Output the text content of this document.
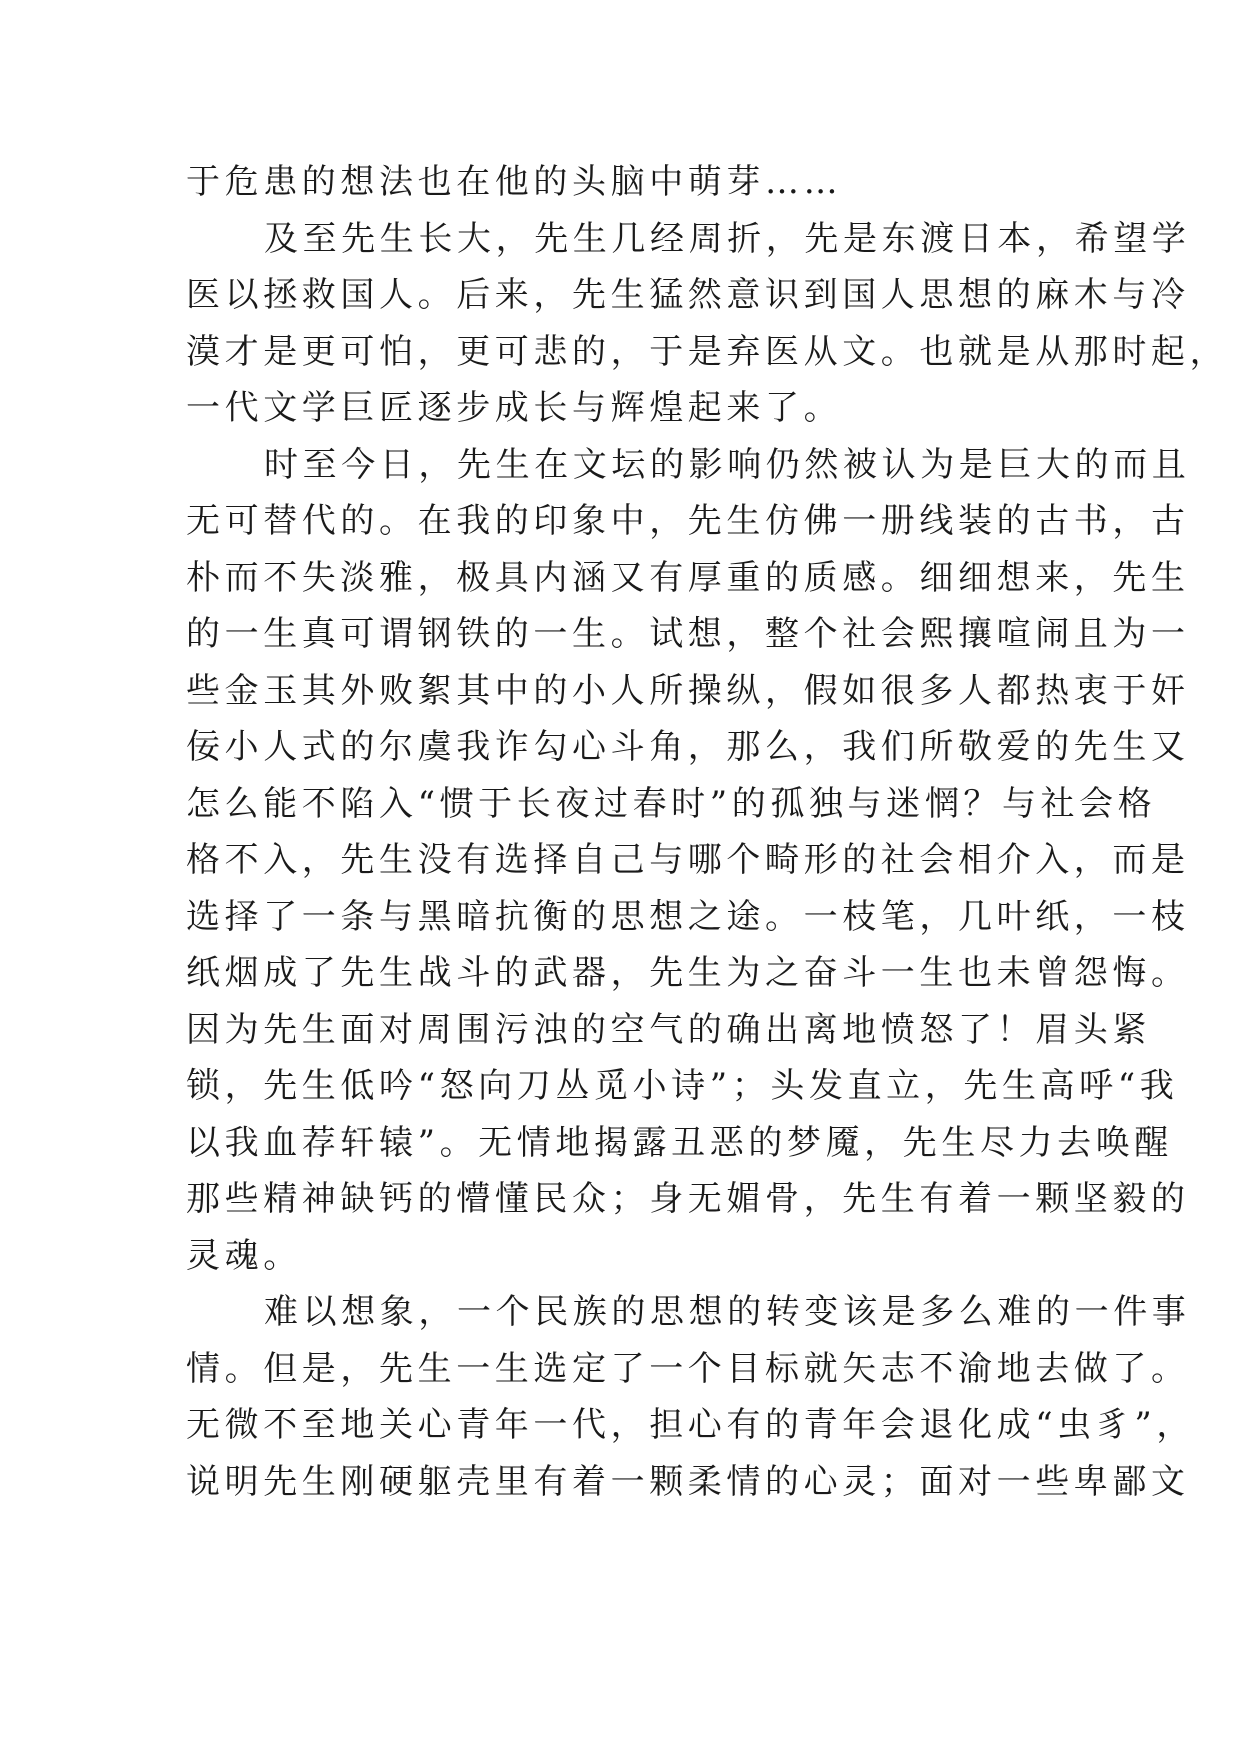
于危患的想法也在他的头脑中萌芽……
及至先生长大，先生几经周折，先是东渡日本，希望学
医以拯救国人。后来，先生猛然意识到国人思想的麻木与冷
漠才是更可怕，更可悲的，于是弃医从文。也就是从那时起，
一代文学巨匠逐步成长与辉煌起来了。
时至今日，先生在文坛的影响仍然被认为是巨大的而且
无可替代的。在我的印象中，先生仿佛一册线装的古书，古
朴而不失淡雅，极具内涵又有厚重的质感。细细想来，先生
的一生真可谓钢铁的一生。试想，整个社会熙攘喧闹且为一
些金玉其外败絮其中的小人所操纵，假如很多人都热衷于奸
佞小人式的尔虞我诈勾心斗角，那么，我们所敬爱的先生又
怎么能不陷入“惯于长夜过春时”的孤独与迷惘？与社会格
格不入，先生没有选择自己与哪个畸形的社会相介入，而是
选择了一条与黑暗抗衡的思想之途。一枝笔，几叶纸，一枝
纸烟成了先生战斗的武器，先生为之奋斗一生也未曾怨悔。
因为先生面对周围污浊的空气的确出离地愤怒了！眉头紧
锁，先生低吟“怒向刀丛觅小诗”；头发直立，先生高呼“我
以我血荐轩辕”。无情地揭露丑恶的梦魇，先生尽力去唤醒
那些精神缺钙的懵懂民众；身无媚骨，先生有着一颗坚毅的
灵魂。
难以想象，一个民族的思想的转变该是多么难的一件事
情。但是，先生一生选定了一个目标就矢志不渝地去做了。
无微不至地关心青年一代，担心有的青年会退化成“虫豸”，
说明先生刚硬躯壳里有着一颗柔情的心灵；面对一些卑鄙文
